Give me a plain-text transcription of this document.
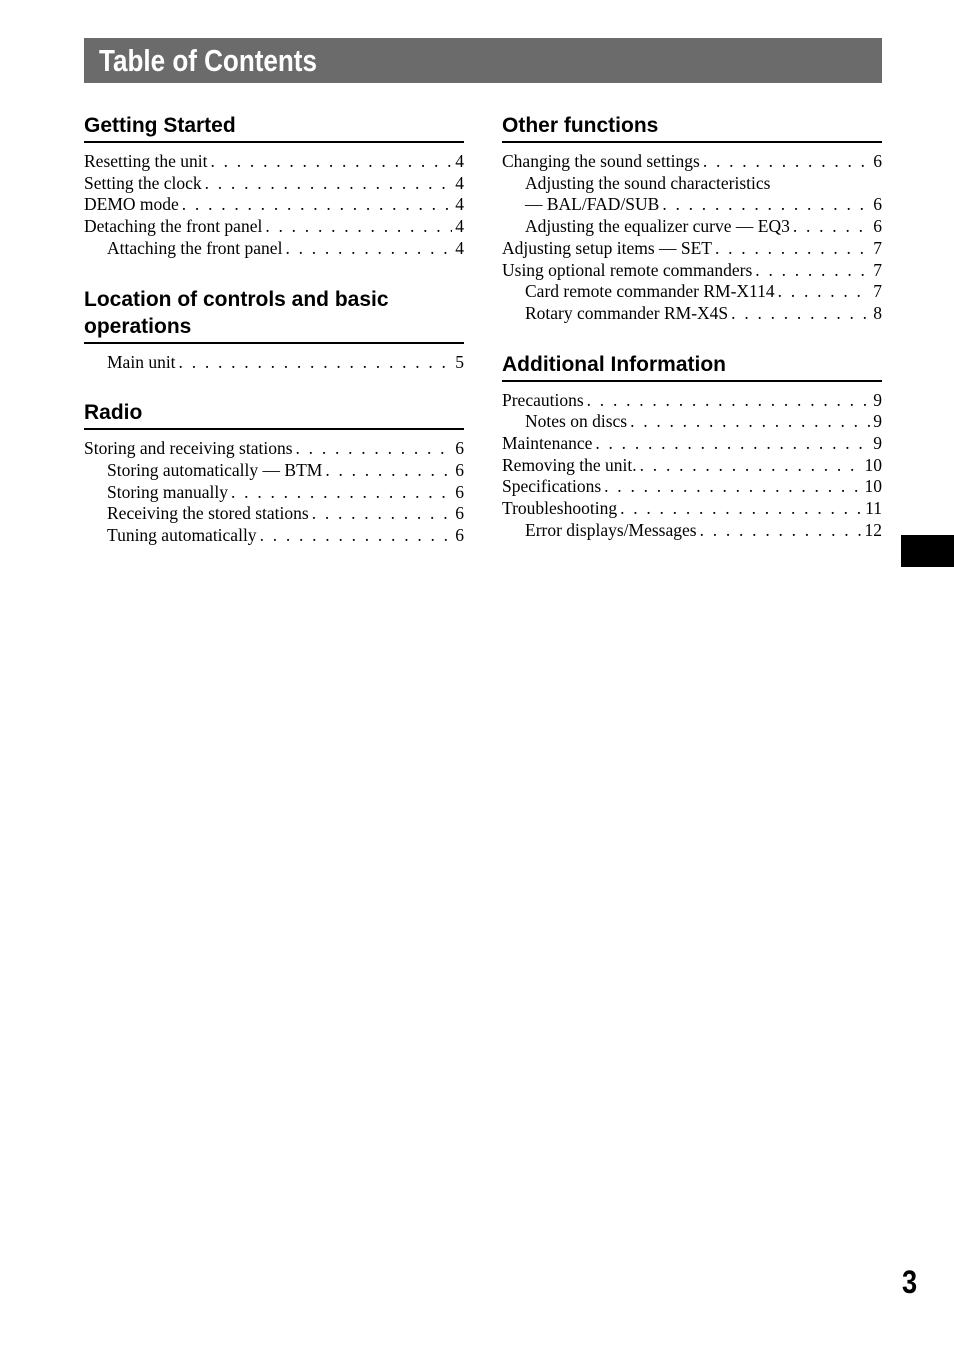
Table of Contents
Getting Started
Resetting the unit . . .	4
Setting the clock . . .	4
DEMO mode . . .	4
Detaching the front panel . . .	4
Attaching the front panel . . .	4
Location of controls and basic operations
Main unit . . .	5
Radio
Storing and receiving stations . . .	6
Storing automatically — BTM . . .	6
Storing manually . . .	6
Receiving the stored stations . . .	6
Tuning automatically . . .	6
Other functions
Changing the sound settings . . .	6
Adjusting the sound characteristics
— BAL/FAD/SUB . . .	6
Adjusting the equalizer curve — EQ3 . . .	6
Adjusting setup items — SET . . .	7
Using optional remote commanders . . .	7
Card remote commander RM-X114 . . .	7
Rotary commander RM-X4S . . .	8
Additional Information
Precautions . . .	9
Notes on discs . . .	9
Maintenance . . .	9
Removing the unit. . . .	10
Specifications . . .	10
Troubleshooting . . .	11
Error displays/Messages . . .	12
3
